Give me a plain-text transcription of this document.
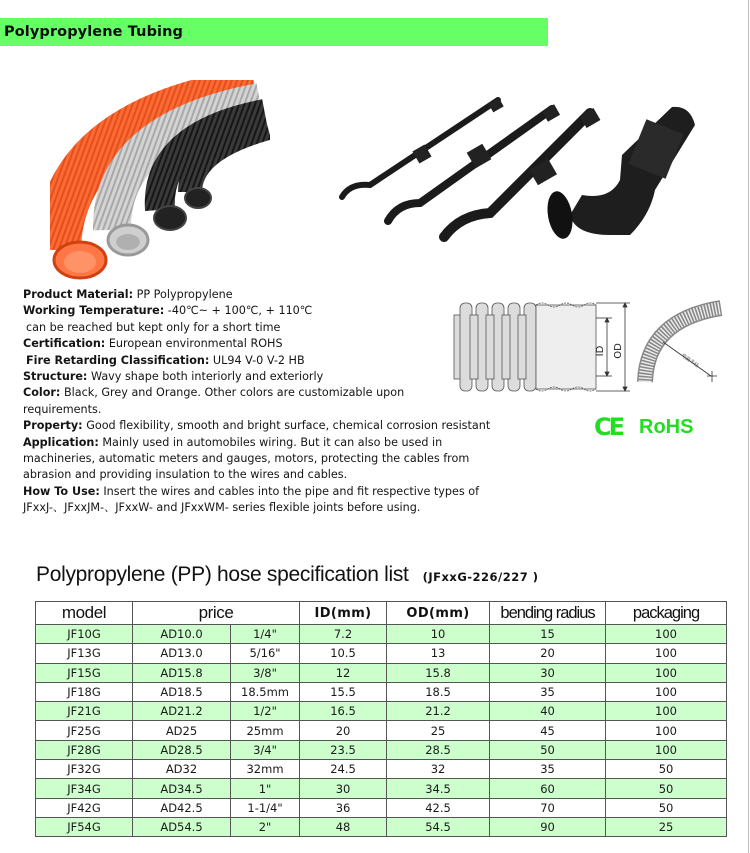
Polypropylene Tubing
Product Material: PP Polypropylene
Working Temperature: -40℃~ + 100℃, + 110℃
can be reached but kept only for a short time
Certification: European environmental ROHS
Fire Retarding Classification: UL94 V-0 V-2 HB
Structure: Wavy shape both interiorly and exteriorly
Color: Black, Grey and Orange. Other colors are customizable upon requirements.
Property: Good flexibility, smooth and bright surface, chemical corrosion resistant
Application: Mainly used in automobiles wiring. But it can also be used in machineries, automatic meters and gauges, motors, protecting the cables from abrasion and providing insulation to the wires and cables.
How To Use: Insert the wires and cables into the pipe and fit respective types of JFxxJ-、JFxxJM-、JFxxW- and JFxxWM- series flexible joints before using.
ID OD
弯曲半径
CE RoHS
Polypropylene (PP) hose specification list (JFxxG-226/227 )
model	price		ID(mm)	OD(mm)	bending radius	packaging
JF10G	AD10.0	1/4"	7.2	10	15	100
JF13G	AD13.0	5/16"	10.5	13	20	100
JF15G	AD15.8	3/8"	12	15.8	30	100
JF18G	AD18.5	18.5mm	15.5	18.5	35	100
JF21G	AD21.2	1/2"	16.5	21.2	40	100
JF25G	AD25	25mm	20	25	45	100
JF28G	AD28.5	3/4"	23.5	28.5	50	100
JF32G	AD32	32mm	24.5	32	35	50
JF34G	AD34.5	1"	30	34.5	60	50
JF42G	AD42.5	1-1/4"	36	42.5	70	50
JF54G	AD54.5	2"	48	54.5	90	25
